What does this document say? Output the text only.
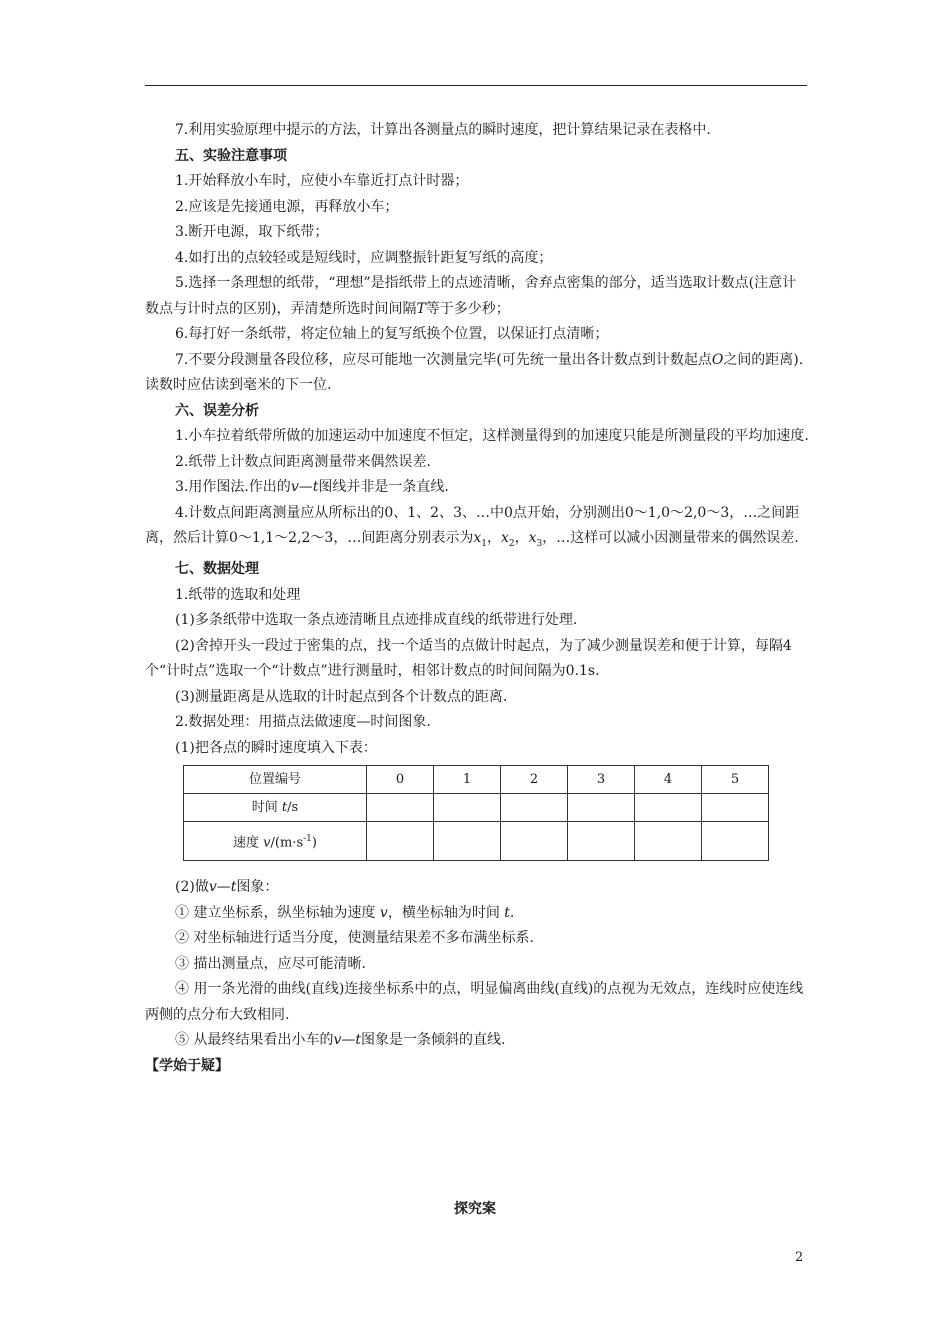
7.利用实验原理中提示的方法，计算出各测量点的瞬时速度，把计算结果记录在表格中.

五、实验注意事项

1.开始释放小车时，应使小车靠近打点计时器；

2.应该是先接通电源，再释放小车；

3.断开电源，取下纸带；

4.如打出的点较轻或是短线时，应调整振针距复写纸的高度；

5.选择一条理想的纸带，“理想”是指纸带上的点迹清晰，舍弃点密集的部分，适当选取计数点(注意计数点与计时点的区别)，弄清楚所选时间间隔T等于多少秒；

6.每打好一条纸带，将定位轴上的复写纸换个位置，以保证打点清晰；

7.不要分段测量各段位移，应尽可能地一次测量完毕(可先统一量出各计数点到计数起点O之间的距离).读数时应估读到毫米的下一位.

六、误差分析

1.小车拉着纸带所做的加速运动中加速度不恒定，这样测量得到的加速度只能是所测量段的平均加速度.

2.纸带上计数点间距离测量带来偶然误差.

3.用作图法.作出的v—t图线并非是一条直线.

4.计数点间距离测量应从所标出的0、1、2、3、…中0点开始，分别测出0～1,0～2,0～3，…之间距离，然后计算0～1,1～2,2～3，…间距离分别表示为$x_1$，$x_2$，$x_3$，…这样可以减小因测量带来的偶然误差.

七、数据处理

1.纸带的选取和处理

(1)多条纸带中选取一条点迹清晰且点迹排成直线的纸带进行处理.

(2)舍掉开头一段过于密集的点，找一个适当的点做计时起点，为了减少测量误差和便于计算，每隔4个“计时点”选取一个“计数点”进行测量时，相邻计数点的时间间隔为0.1s.

(3)测量距离是从选取的计时起点到各个计数点的距离.

2.数据处理：用描点法做速度—时间图象.

(1)把各点的瞬时速度填入下表：

位置编号	0	1	2	3	4	5
时间 t/s						
速度 $v/(m\cdot s^{-1})$						

(2)做v—t图象：

① 建立坐标系，纵坐标轴为速度 v，横坐标轴为时间 t.

② 对坐标轴进行适当分度，使测量结果差不多布满坐标系.

③ 描出测量点，应尽可能清晰.

④ 用一条光滑的曲线(直线)连接坐标系中的点，明显偏离曲线(直线)的点视为无效点，连线时应使连线两侧的点分布大致相同.

⑤ 从最终结果看出小车的v—t图象是一条倾斜的直线.

【学始于疑】

探究案
2
